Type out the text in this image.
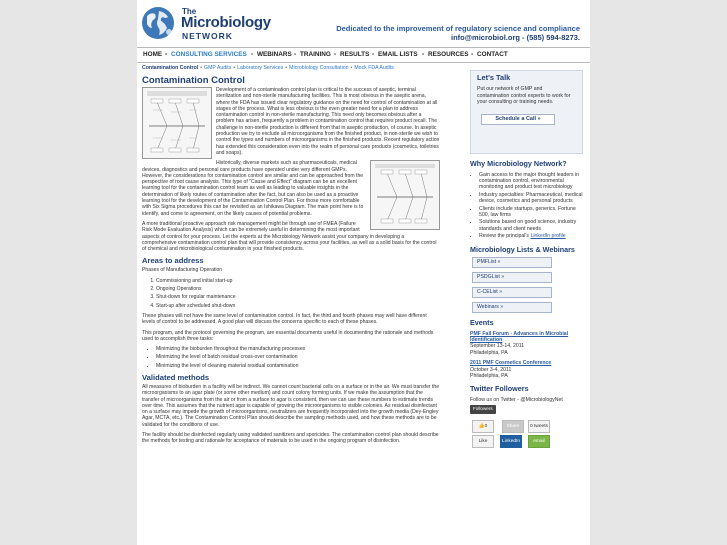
The
Microbiology
NETWORK
Dedicated to the improvement of regulatory science and compliance
info@microbiol.org - (585) 594-8273.
HOME • CONSULTING SERVICES • WEBINARS • TRAINING • RESULTS • EMAIL LISTS • RESOURCES • CONTACT
Contamination Control • GMP Audits • Laboratory Services • Microbiology Consultation • Mock FDA Audits
Contamination Control

Development of a contamination control plan is critical to the success of aseptic, terminal sterilization and non-sterile manufacturing facilities. This is most obvious in the aseptic arena, where the FDA has issued clear regulatory guidance on the need for control of contamination at all stages of the process. What is less obvious is the even greater need for a plan to address contamination control in non-sterile manufacturing. This need only becomes obvious after a problem has arisen, frequently a problem in contamination control that requires product recall. The challenge in non-sterile production is different from that in aseptic production, of course. In aseptic production we try to exclude all microorganisms from the finished product, in non-sterile we wish to control the types and numbers of microorganisms in the finished products. Recent regulatory action has extended this consideration even into the realm of personal care products (cosmetics, toiletries and soaps).

Historically, diverse markets such as pharmaceuticals, medical devices, diagnostics and personal care products have operated under very different GMPs. However, the considerations for contamination control are similar and can be approached from the perspective of root cause analysis. This type of "Cause and Effect" diagram can be an excellent learning tool for the contamination control team as well as leading to valuable insights in the determination of likely routes of contamination after the fact, but can also be used as a proactive learning tool for the development of the Contamination Control Plan. For those more comfortable with Six Sigma procedures this can be revisited as an Ishikawa Diagram. The main point here is to identify, and come to agreement, on the likely causes of potential problems.

A more traditional proactive approach risk management might be through use of FMEA (Failure Risk Mode Evaluation Analysis) which can be extremely useful in determining the most important aspects of control for your process. Let the experts at the Microbiology Network assist your company in developing a comprehensive contamination control plan that will provide consistency across your facilities, as well as a solid basis for the control of chemical and microbiological contamination in your finished products.

Areas to address

Phases of Manufacturing Operation

1. Commissioning and initial start-up
2. Ongoing Operations
3. Shut-down for regular maintenance
4. Start-up after scheduled shut-down

These phases will not have the same level of contamination control. In fact, the third and fourth phases may well have different levels of control to be addressed. A good plan will discuss the concerns specific to each of these phases.

This program, and the protocol governing the program, are essential documents useful in documenting the rationale and methods used to accomplish three tasks:

• Minimizing the bioburden throughout the manufacturing processes
• Minimizing the level of batch residual cross-over contamination
• Minimizing the level of cleaning material residual contamination
Validated methods

All measures of bioburden in a facility will be indirect. We cannot count bacterial cells on a surface or in the air. We must transfer the microorganisms to an agar plate (or some other medium) and count colony forming units. If we make the assumption that the transfer of microorganisms from the air or from a surface to agar is consistent, then we can use these numbers to estimate trends over time. This assumes that the nutrient agar is capable of growing the microorganisms to visible colonies. As residual disinfectant on a surface may impede the growth of microorganisms, neutralizers are frequently incorporated into the growth media (Dey-Engley Agar, MCTA, etc.). The Contamination Control Plan should describe the sampling methods used, and how these methods are to be validated for the conditions of use.

The facility should be disinfected regularly using validated sanitizers and sporicides. The contamination control plan should describe the methods for testing and rationale for acceptance of materials to be used in the ongoing program of disinfection.

Let's Talk
Put our network of GMP and contamination control experts to work for your consulting or training needs.
Schedule a Call »
Why Microbiology Network?
• Gain access to the major thought leaders in contamination control, environmental monitoring and product test microbiology
• Industry specialties: Pharmaceutical, medical device, cosmetics and personal products
• Clients include startups, generics, Fortune 500, law firms
• Solutions based on good science, industry standards and client needs
• Review the principal's LinkedIn profile
Microbiology Lists & Webinars
PMFList »
PSDGList »
C-CEList »
Webinars »
Events
PMF Fall Forum - Advances in Microbial Identification
September 13-14, 2011
Philadelphia, PA
2011 PMF Cosmetics Conference
October 3-4, 2011
Philadelphia, PA
Twitter Followers
Follow us on Twitter - @MicrobiologyNet
Followers
👍0	Share	0 tweets
Like	LinkedIn	email
